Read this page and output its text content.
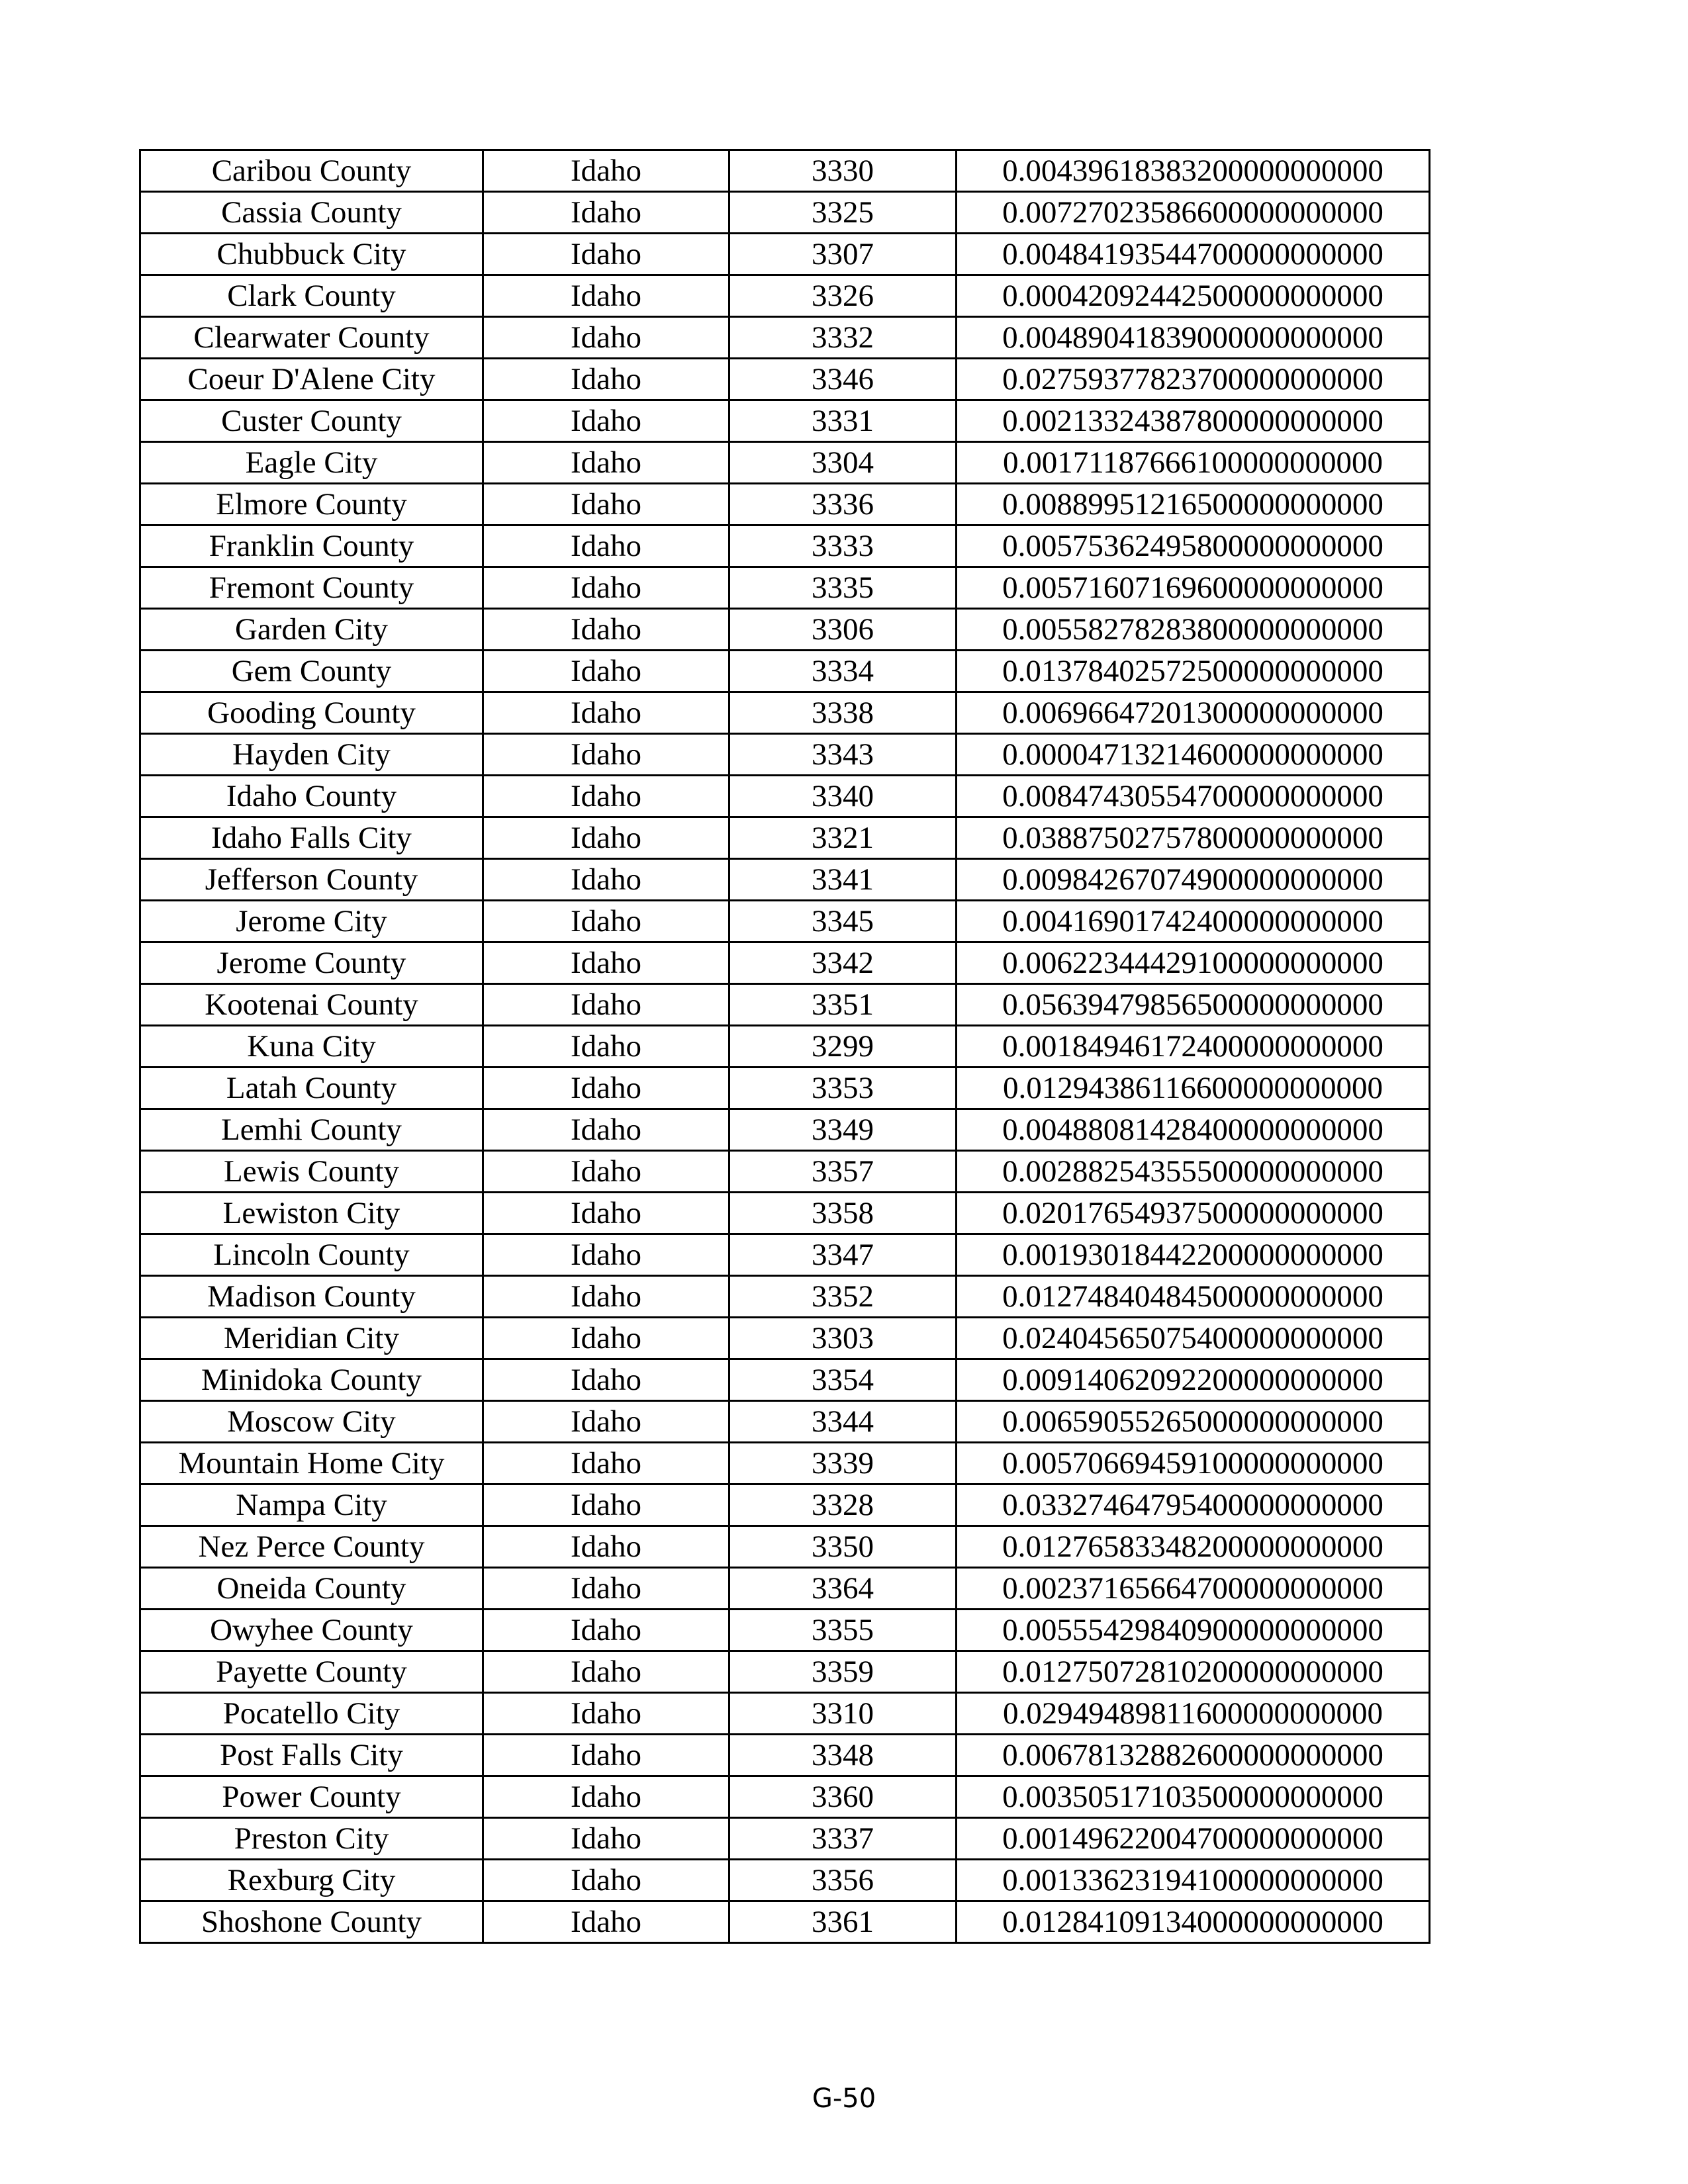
Caribou County	Idaho	3330	0.00439618383200000000000
Cassia County	Idaho	3325	0.00727023586600000000000
Chubbuck City	Idaho	3307	0.00484193544700000000000
Clark County	Idaho	3326	0.00042092442500000000000
Clearwater County	Idaho	3332	0.00489041839000000000000
Coeur D'Alene City	Idaho	3346	0.02759377823700000000000
Custer County	Idaho	3331	0.00213324387800000000000
Eagle City	Idaho	3304	0.00171187666100000000000
Elmore County	Idaho	3336	0.00889951216500000000000
Franklin County	Idaho	3333	0.00575362495800000000000
Fremont County	Idaho	3335	0.00571607169600000000000
Garden City	Idaho	3306	0.00558278283800000000000
Gem County	Idaho	3334	0.01378402572500000000000
Gooding County	Idaho	3338	0.00696647201300000000000
Hayden City	Idaho	3343	0.00004713214600000000000
Idaho County	Idaho	3340	0.00847430554700000000000
Idaho Falls City	Idaho	3321	0.03887502757800000000000
Jefferson County	Idaho	3341	0.00984267074900000000000
Jerome City	Idaho	3345	0.00416901742400000000000
Jerome County	Idaho	3342	0.00622344429100000000000
Kootenai County	Idaho	3351	0.05639479856500000000000
Kuna City	Idaho	3299	0.00184946172400000000000
Latah County	Idaho	3353	0.01294386116600000000000
Lemhi County	Idaho	3349	0.00488081428400000000000
Lewis County	Idaho	3357	0.00288254355500000000000
Lewiston City	Idaho	3358	0.02017654937500000000000
Lincoln County	Idaho	3347	0.00193018442200000000000
Madison County	Idaho	3352	0.01274840484500000000000
Meridian City	Idaho	3303	0.02404565075400000000000
Minidoka County	Idaho	3354	0.00914062092200000000000
Moscow City	Idaho	3344	0.00659055265000000000000
Mountain Home City	Idaho	3339	0.00570669459100000000000
Nampa City	Idaho	3328	0.03327464795400000000000
Nez Perce County	Idaho	3350	0.01276583348200000000000
Oneida County	Idaho	3364	0.00237165664700000000000
Owyhee County	Idaho	3355	0.00555429840900000000000
Payette County	Idaho	3359	0.01275072810200000000000
Pocatello City	Idaho	3310	0.02949489811600000000000
Post Falls City	Idaho	3348	0.00678132882600000000000
Power County	Idaho	3360	0.00350517103500000000000
Preston City	Idaho	3337	0.00149622004700000000000
Rexburg City	Idaho	3356	0.00133623194100000000000
Shoshone County	Idaho	3361	0.01284109134000000000000
G-50
